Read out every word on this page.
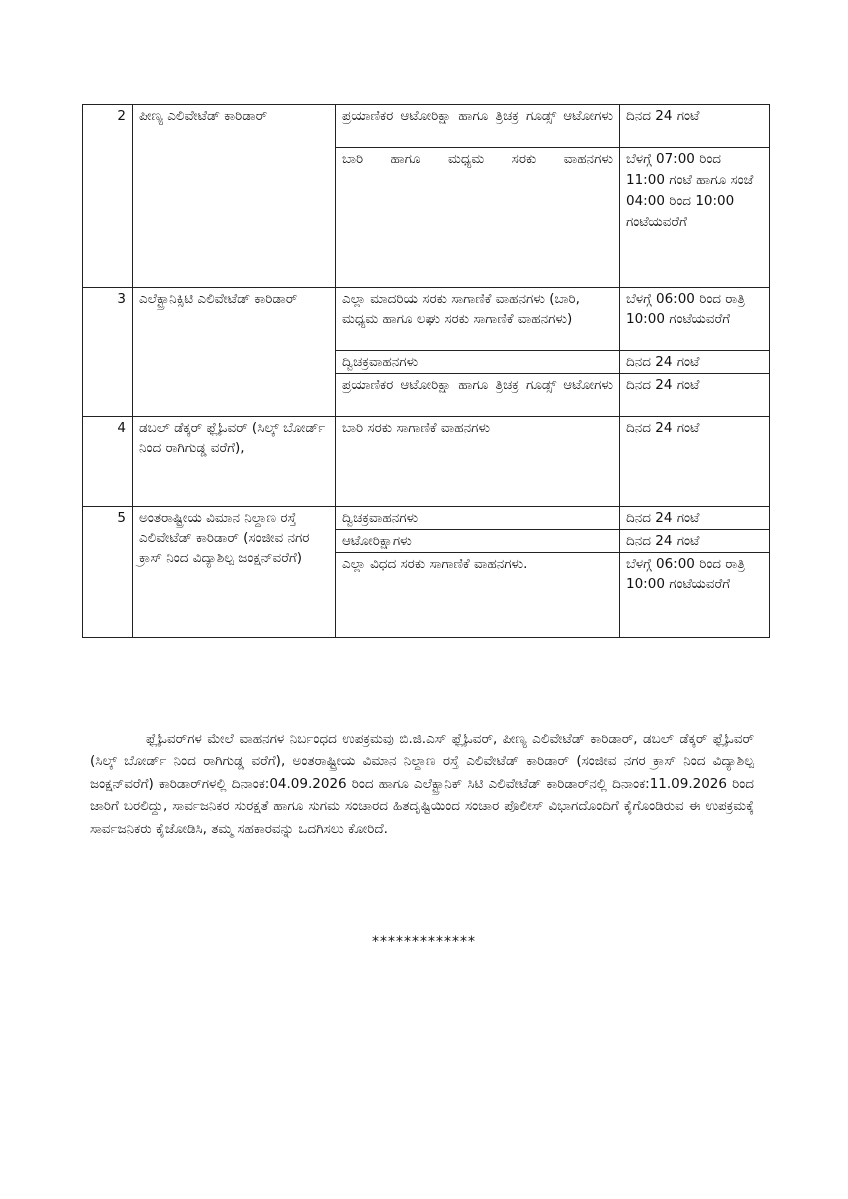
2	ಪೀಣ್ಯ ಎಲಿವೇಟೆಡ್ ಕಾರಿಡಾರ್	ಪ್ರಯಾಣಿಕರ ಆಟೋರಿಕ್ಷಾ ಹಾಗೂ ತ್ರಿಚಕ್ರ ಗೂಡ್ಸ್ ಆಟೋಗಳು	ದಿನದ 24 ಗಂಟೆ
		ಬಾರಿ ಹಾಗೂ ಮಧ್ಯಮ ಸರಕು ವಾಹನಗಳು	ಬೆಳಗ್ಗೆ 07:00 ರಿಂದ 11:00 ಗಂಟೆ ಹಾಗೂ ಸಂಜೆ 04:00 ರಿಂದ 10:00 ಗಂಟೆಯವರೆಗೆ
3	ಎಲೆಕ್ಟ್ರಾನಿಕ್ಸಿಟಿ ಎಲಿವೇಟೆಡ್ ಕಾರಿಡಾರ್	ಎಲ್ಲಾ ಮಾದರಿಯ ಸರಕು ಸಾಗಾಣಿಕೆ ವಾಹನಗಳು (ಬಾರಿ, ಮಧ್ಯಮ ಹಾಗೂ ಲಘು ಸರಕು ಸಾಗಾಣಿಕೆ ವಾಹನಗಳು)	ಬೆಳಗ್ಗೆ 06:00 ರಿಂದ ರಾತ್ರಿ 10:00 ಗಂಟೆಯವರೆಗೆ
		ದ್ವಿಚಕ್ರವಾಹನಗಳು	ದಿನದ 24 ಗಂಟೆ
		ಪ್ರಯಾಣಿಕರ ಆಟೋರಿಕ್ಷಾ ಹಾಗೂ ತ್ರಿಚಕ್ರ ಗೂಡ್ಸ್ ಆಟೋಗಳು	ದಿನದ 24 ಗಂಟೆ
4	ಡಬಲ್ ಡೆಕ್ಕರ್ ಫ್ಲೈಓವರ್ (ಸಿಲ್ಕ್ ಬೋರ್ಡ್ ನಿಂದ ರಾಗಿಗುಡ್ಡ ವರೆಗೆ),	ಬಾರಿ ಸರಕು ಸಾಗಾಣಿಕೆ ವಾಹನಗಳು	ದಿನದ 24 ಗಂಟೆ
5	ಅಂತರಾಷ್ಟ್ರೀಯ ವಿಮಾನ ನಿಲ್ದಾಣ ರಸ್ತೆ ಎಲಿವೇಟೆಡ್ ಕಾರಿಡಾರ್ (ಸಂಜೀವ ನಗರ ಕ್ರಾಸ್ ನಿಂದ ವಿದ್ಯಾಶಿಲ್ಪ ಜಂಕ್ಷನ್‌ವರೆಗೆ)	ದ್ವಿಚಕ್ರವಾಹನಗಳು	ದಿನದ 24 ಗಂಟೆ
		ಆಟೋರಿಕ್ಷಾಗಳು	ದಿನದ 24 ಗಂಟೆ
		ಎಲ್ಲಾ ವಿಧದ ಸರಕು ಸಾಗಾಣಿಕೆ ವಾಹನಗಳು.	ಬೆಳಗ್ಗೆ 06:00 ರಿಂದ ರಾತ್ರಿ 10:00 ಗಂಟೆಯವರೆಗೆ

ಫ್ಲೈಓವರ್‌ಗಳ ಮೇಲೆ ವಾಹನಗಳ ನಿರ್ಬಂಧದ ಉಪಕ್ರಮವು ಬಿ.ಜಿ.ಎಸ್ ಫ್ಲೈಓವರ್, ಪೀಣ್ಯ ಎಲಿವೇಟೆಡ್ ಕಾರಿಡಾರ್, ಡಬಲ್ ಡೆಕ್ಕರ್ ಫ್ಲೈಓವರ್ (ಸಿಲ್ಕ್ ಬೋರ್ಡ್ ನಿಂದ ರಾಗಿಗುಡ್ಡ ವರೆಗೆ), ಅಂತರಾಷ್ಟ್ರೀಯ ವಿಮಾನ ನಿಲ್ದಾಣ ರಸ್ತೆ ಎಲಿವೇಟೆಡ್ ಕಾರಿಡಾರ್ (ಸಂಜೀವ ನಗರ ಕ್ರಾಸ್ ನಿಂದ ವಿದ್ಯಾಶಿಲ್ಪ ಜಂಕ್ಷನ್‌ವರೆಗೆ) ಕಾರಿಡಾರ್‌ಗಳಲ್ಲಿ ದಿನಾಂಕ:04.09.2026 ರಿಂದ ಹಾಗೂ ಎಲೆಕ್ಟ್ರಾನಿಕ್ ಸಿಟಿ ಎಲಿವೇಟೆಡ್ ಕಾರಿಡಾರ್‌ನಲ್ಲಿ ದಿನಾಂಕ:11.09.2026 ರಿಂದ ಜಾರಿಗೆ ಬರಲಿದ್ದು, ಸಾರ್ವಜನಿಕರ ಸುರಕ್ಷತೆ ಹಾಗೂ ಸುಗಮ ಸಂಚಾರದ ಹಿತದೃಷ್ಟಿಯಿಂದ ಸಂಚಾರ ಪೊಲೀಸ್ ವಿಭಾಗದೊಂದಿಗೆ ಕೈಗೊಂಡಿರುವ ಈ ಉಪಕ್ರಮಕ್ಕೆ ಸಾರ್ವಜನಿಕರು ಕೈಜೋಡಿಸಿ, ತಮ್ಮ ಸಹಕಾರವನ್ನು ಒದಗಿಸಲು ಕೋರಿದೆ.

*************
